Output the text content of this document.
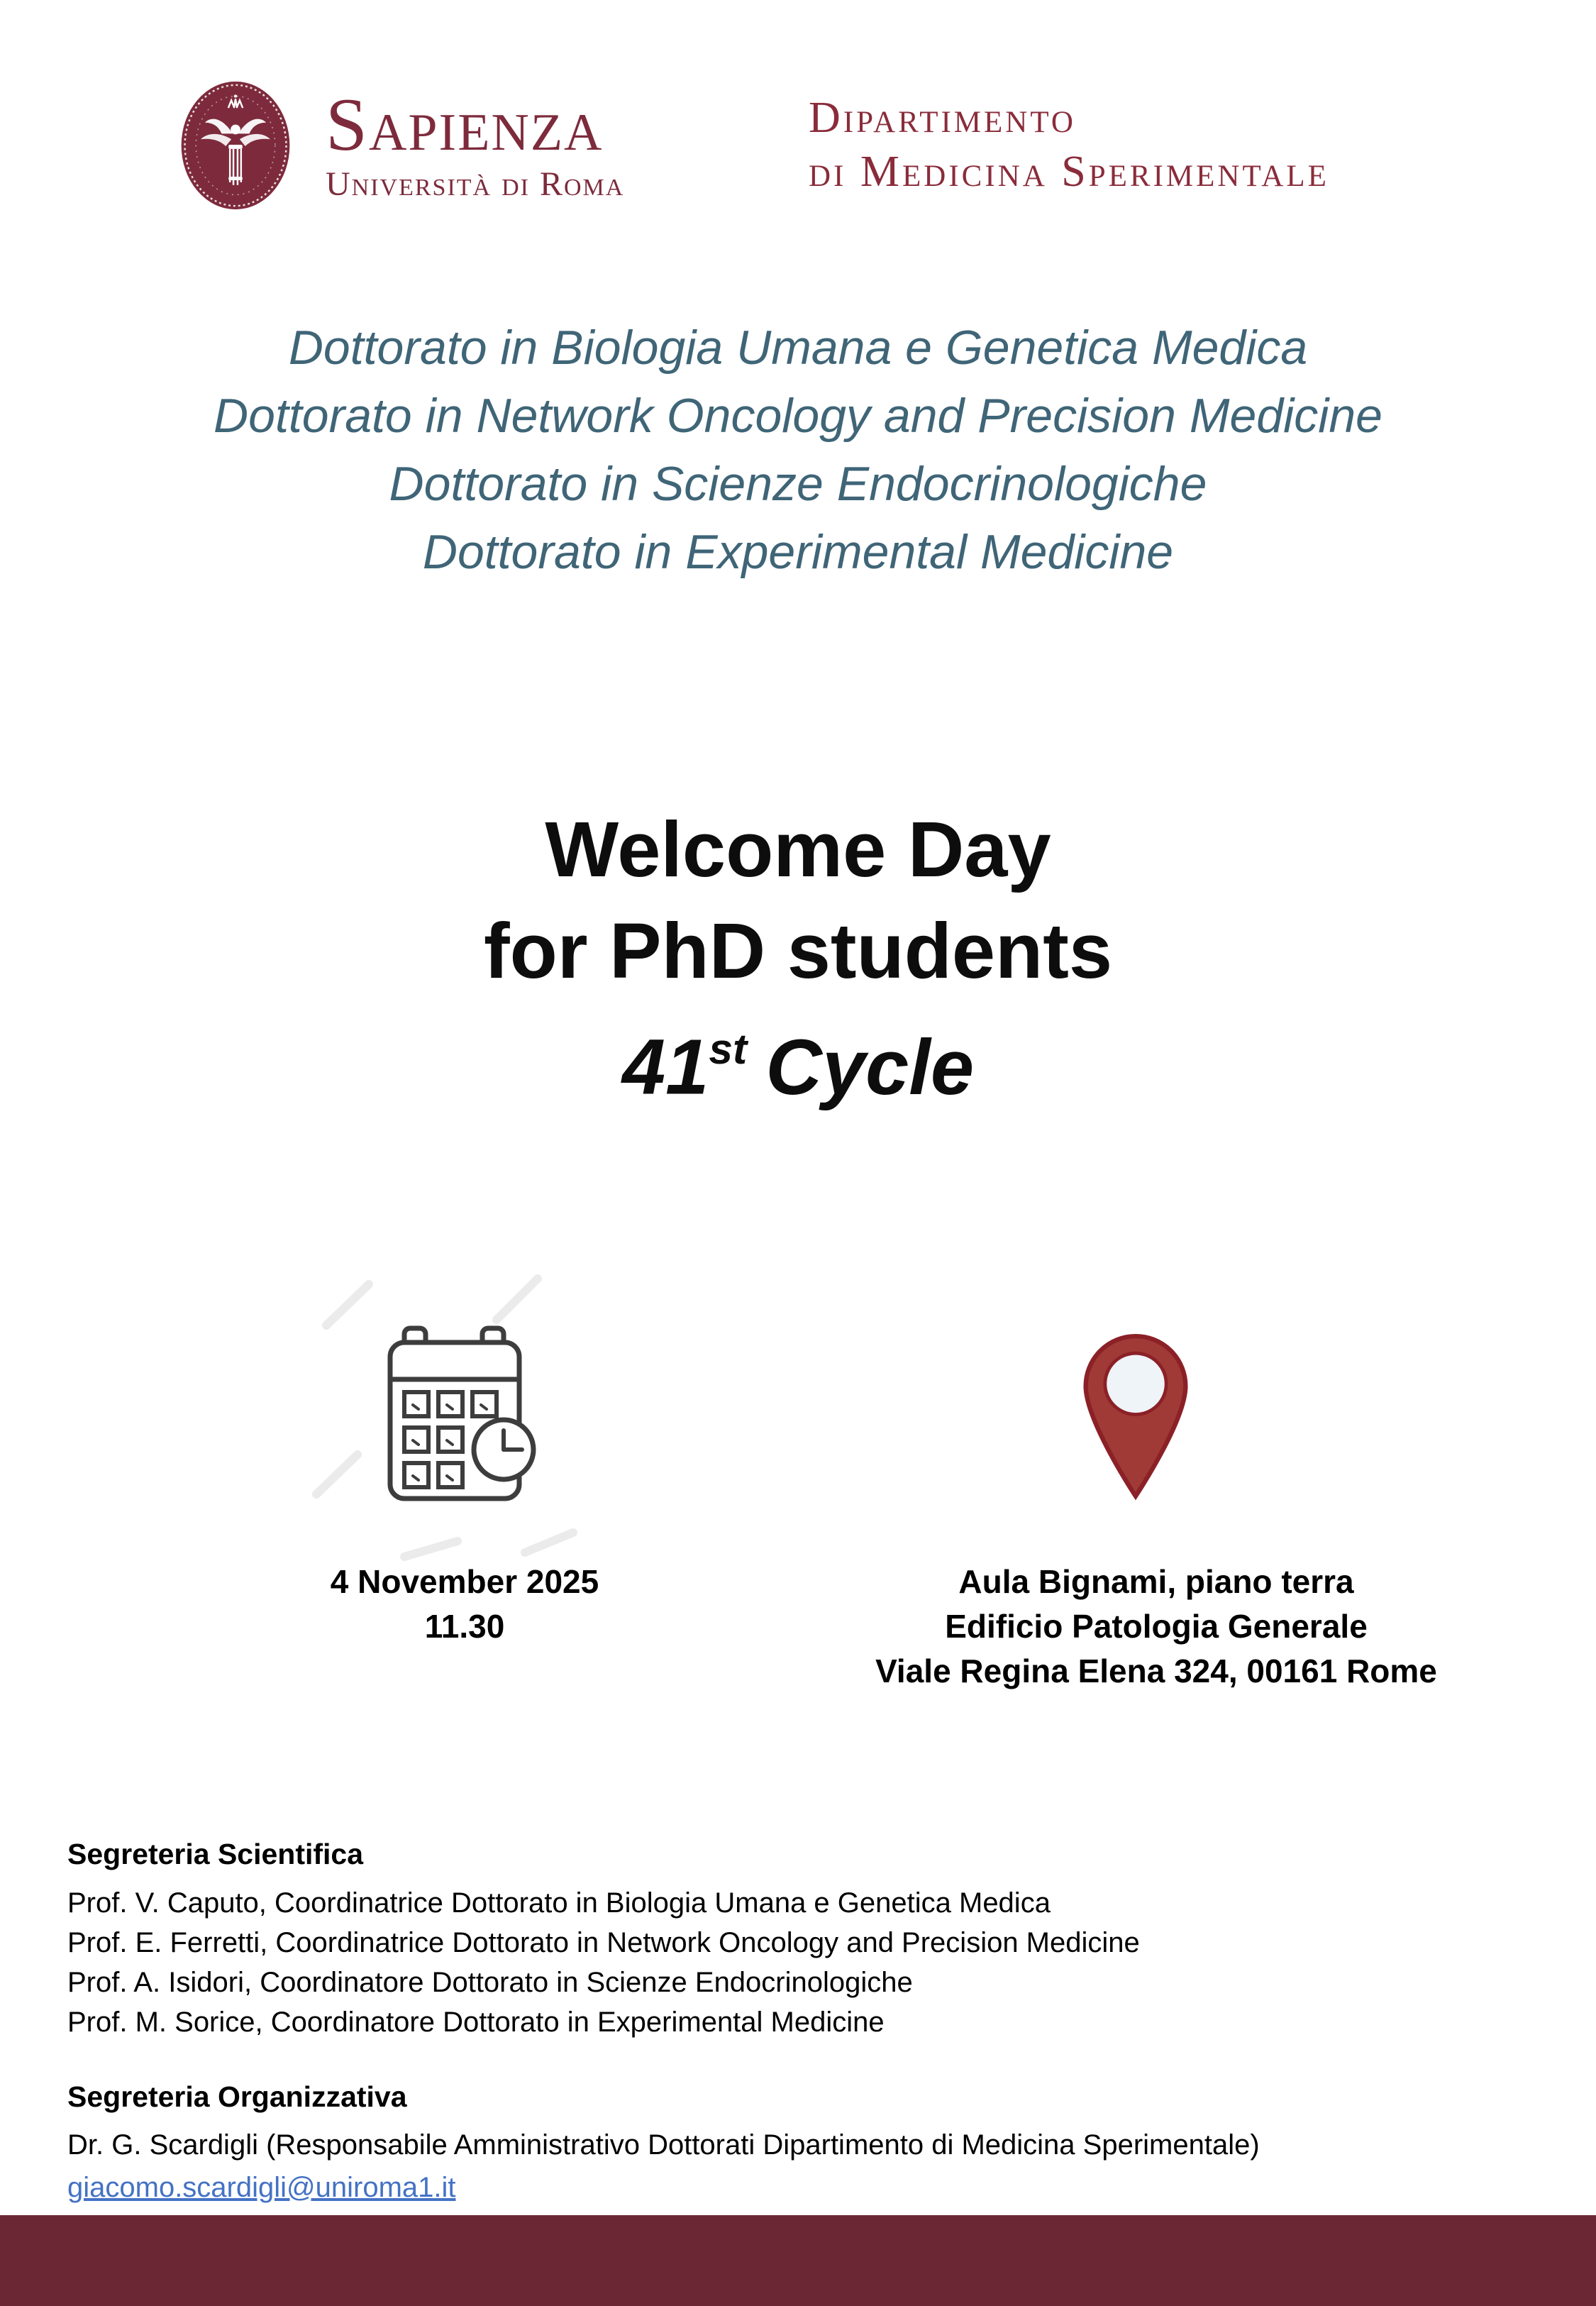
Sapienza
Università di Roma
Dipartimento
di Medicina Sperimentale
Dottorato in Biologia Umana e Genetica Medica
Dottorato in Network Oncology and Precision Medicine
Dottorato in Scienze Endocrinologiche
Dottorato in Experimental Medicine
Welcome Day
for PhD students
41st Cycle
4 November 2025
11.30
Aula Bignami, piano terra
Edificio Patologia Generale
Viale Regina Elena 324, 00161 Rome
Segreteria Scientifica
Prof. V. Caputo, Coordinatrice Dottorato in Biologia Umana e Genetica Medica
Prof. E. Ferretti, Coordinatrice Dottorato in Network Oncology and Precision Medicine
Prof. A. Isidori, Coordinatore Dottorato in Scienze Endocrinologiche
Prof. M. Sorice, Coordinatore Dottorato in Experimental Medicine
Segreteria Organizzativa
Dr. G. Scardigli (Responsabile Amministrativo Dottorati Dipartimento di Medicina Sperimentale)
giacomo.scardigli@uniroma1.it
